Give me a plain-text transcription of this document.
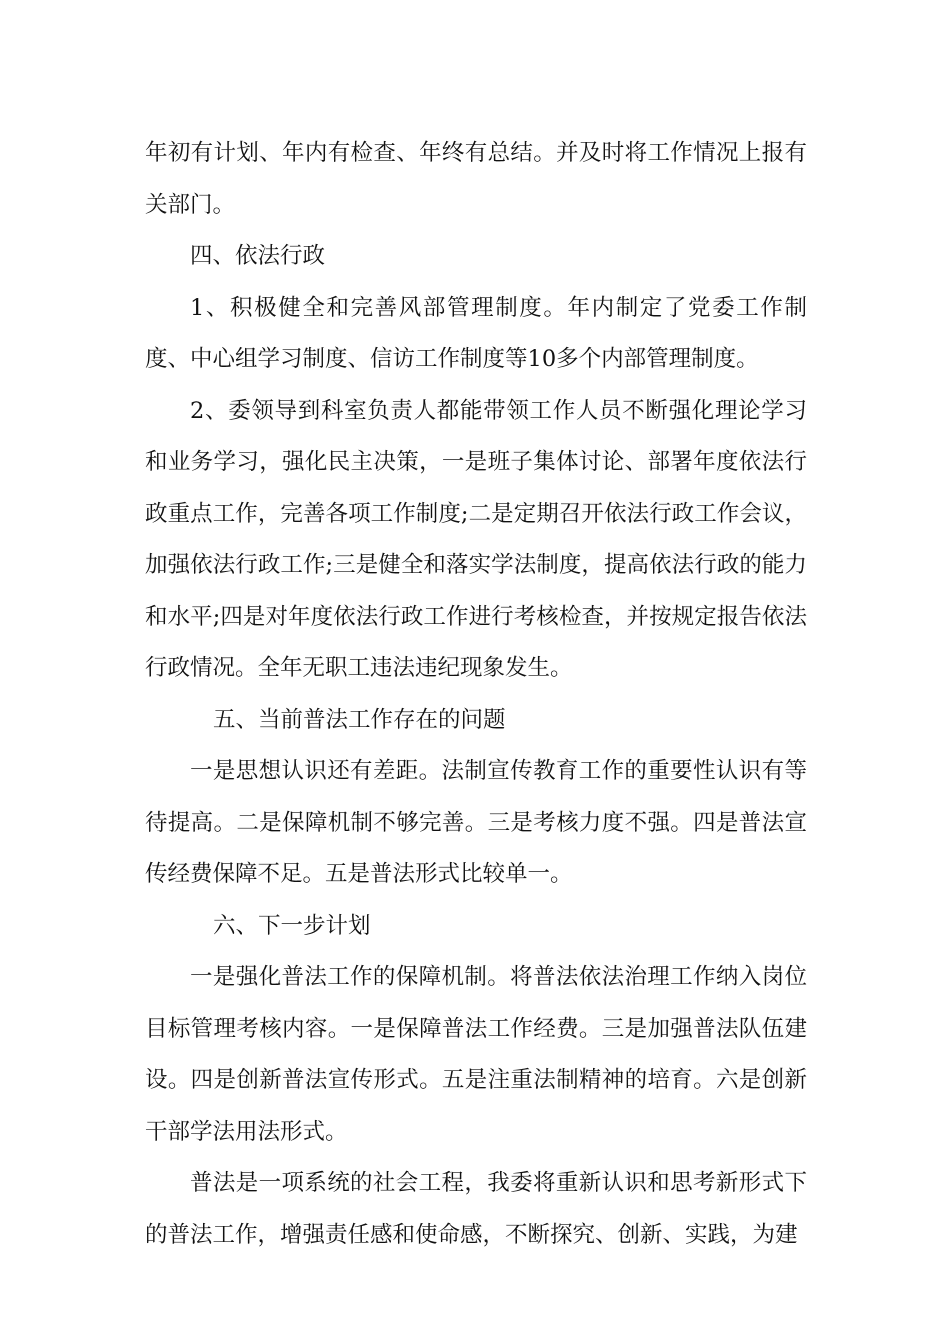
年初有计划、年内有检查、年终有总结。并及时将工作情况上报有关部门。

四、依法行政

1、积极健全和完善风部管理制度。年内制定了党委工作制度、中心组学习制度、信访工作制度等10多个内部管理制度。

2、委领导到科室负责人都能带领工作人员不断强化理论学习和业务学习，强化民主决策，一是班子集体讨论、部署年度依法行政重点工作，完善各项工作制度;二是定期召开依法行政工作会议，加强依法行政工作;三是健全和落实学法制度，提高依法行政的能力和水平;四是对年度依法行政工作进行考核检查，并按规定报告依法行政情况。全年无职工违法违纪现象发生。

五、当前普法工作存在的问题

一是思想认识还有差距。法制宣传教育工作的重要性认识有等待提高。二是保障机制不够完善。三是考核力度不强。四是普法宣传经费保障不足。五是普法形式比较单一。

六、下一步计划

一是强化普法工作的保障机制。将普法依法治理工作纳入岗位目标管理考核内容。一是保障普法工作经费。三是加强普法队伍建设。四是创新普法宣传形式。五是注重法制精神的培育。六是创新干部学法用法形式。

普法是一项系统的社会工程，我委将重新认识和思考新形式下的普法工作，增强责任感和使命感，不断探究、创新、实践，为建
